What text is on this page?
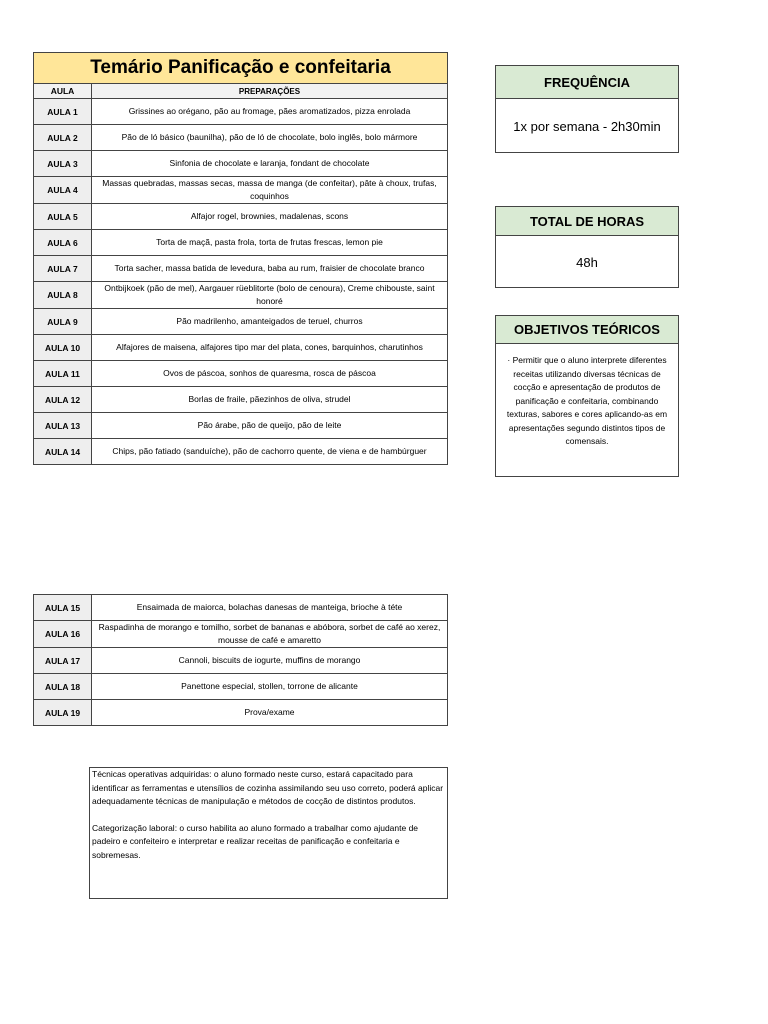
Temário Panificação e confeitaria	
AULA	PREPARAÇÕES
AULA 1	Grissines ao orégano, pão au fromage, pães aromatizados, pizza enrolada
AULA 2	Pão de ló básico (baunilha), pão de ló de chocolate, bolo inglês, bolo mármore
AULA 3	Sinfonia de chocolate e laranja, fondant de chocolate
AULA 4	Massas quebradas, massas secas, massa de manga (de confeitar), pâte à choux, trufas, coquinhos
AULA 5	Alfajor rogel, brownies, madalenas, scons
AULA 6	Torta de maçã, pasta frola, torta de frutas frescas, lemon pie
AULA 7	Torta sacher, massa batida de levedura, baba au rum, fraisier de chocolate branco
AULA 8	Ontbijkoek (pão de mel), Aargauer rüeblitorte (bolo de cenoura), Creme chibouste, saint honoré
AULA 9	Pão madrilenho, amanteigados de teruel, churros
AULA 10	Alfajores de maisena, alfajores tipo mar del plata, cones, barquinhos, charutinhos
AULA 11	Ovos de páscoa, sonhos de quaresma, rosca de páscoa
AULA 12	Borlas de fraile, pãezinhos de oliva, strudel
AULA 13	Pão árabe, pão de queijo, pão de leite
AULA 14	Chips, pão fatiado (sanduíche), pão de cachorro quente, de viena e de hambúrguer
AULA 15	Ensaimada de maiorca, bolachas danesas de manteiga, brioche à téte
AULA 16	Raspadinha de morango e tomilho, sorbet de bananas e abóbora, sorbet de café ao xerez, mousse de café e amaretto
AULA 17	Cannoli, biscuits de iogurte, muffins de morango
AULA 18	Panettone especial, stollen, torrone de alicante
AULA 19	Prova/exame
FREQUÊNCIA
1x por semana - 2h30min
TOTAL DE HORAS
48h
OBJETIVOS TEÓRICOS
· Permitir que o aluno interprete diferentes receitas utilizando diversas técnicas de cocção e apresentação de produtos de panificação e confeitaria, combinando texturas, sabores e cores aplicando-as em apresentações segundo distintos tipos de comensais.

Técnicas operativas adquiridas: o aluno formado neste curso, estará capacitado para identificar as ferramentas e utensílios de cozinha assimilando seu uso correto, poderá aplicar adequadamente técnicas de manipulação e métodos de cocção de distintos produtos.

Categorização laboral: o curso habilita ao aluno formado a trabalhar como ajudante de padeiro e confeiteiro e interpretar e realizar receitas de panificação e confeitaria e sobremesas.
